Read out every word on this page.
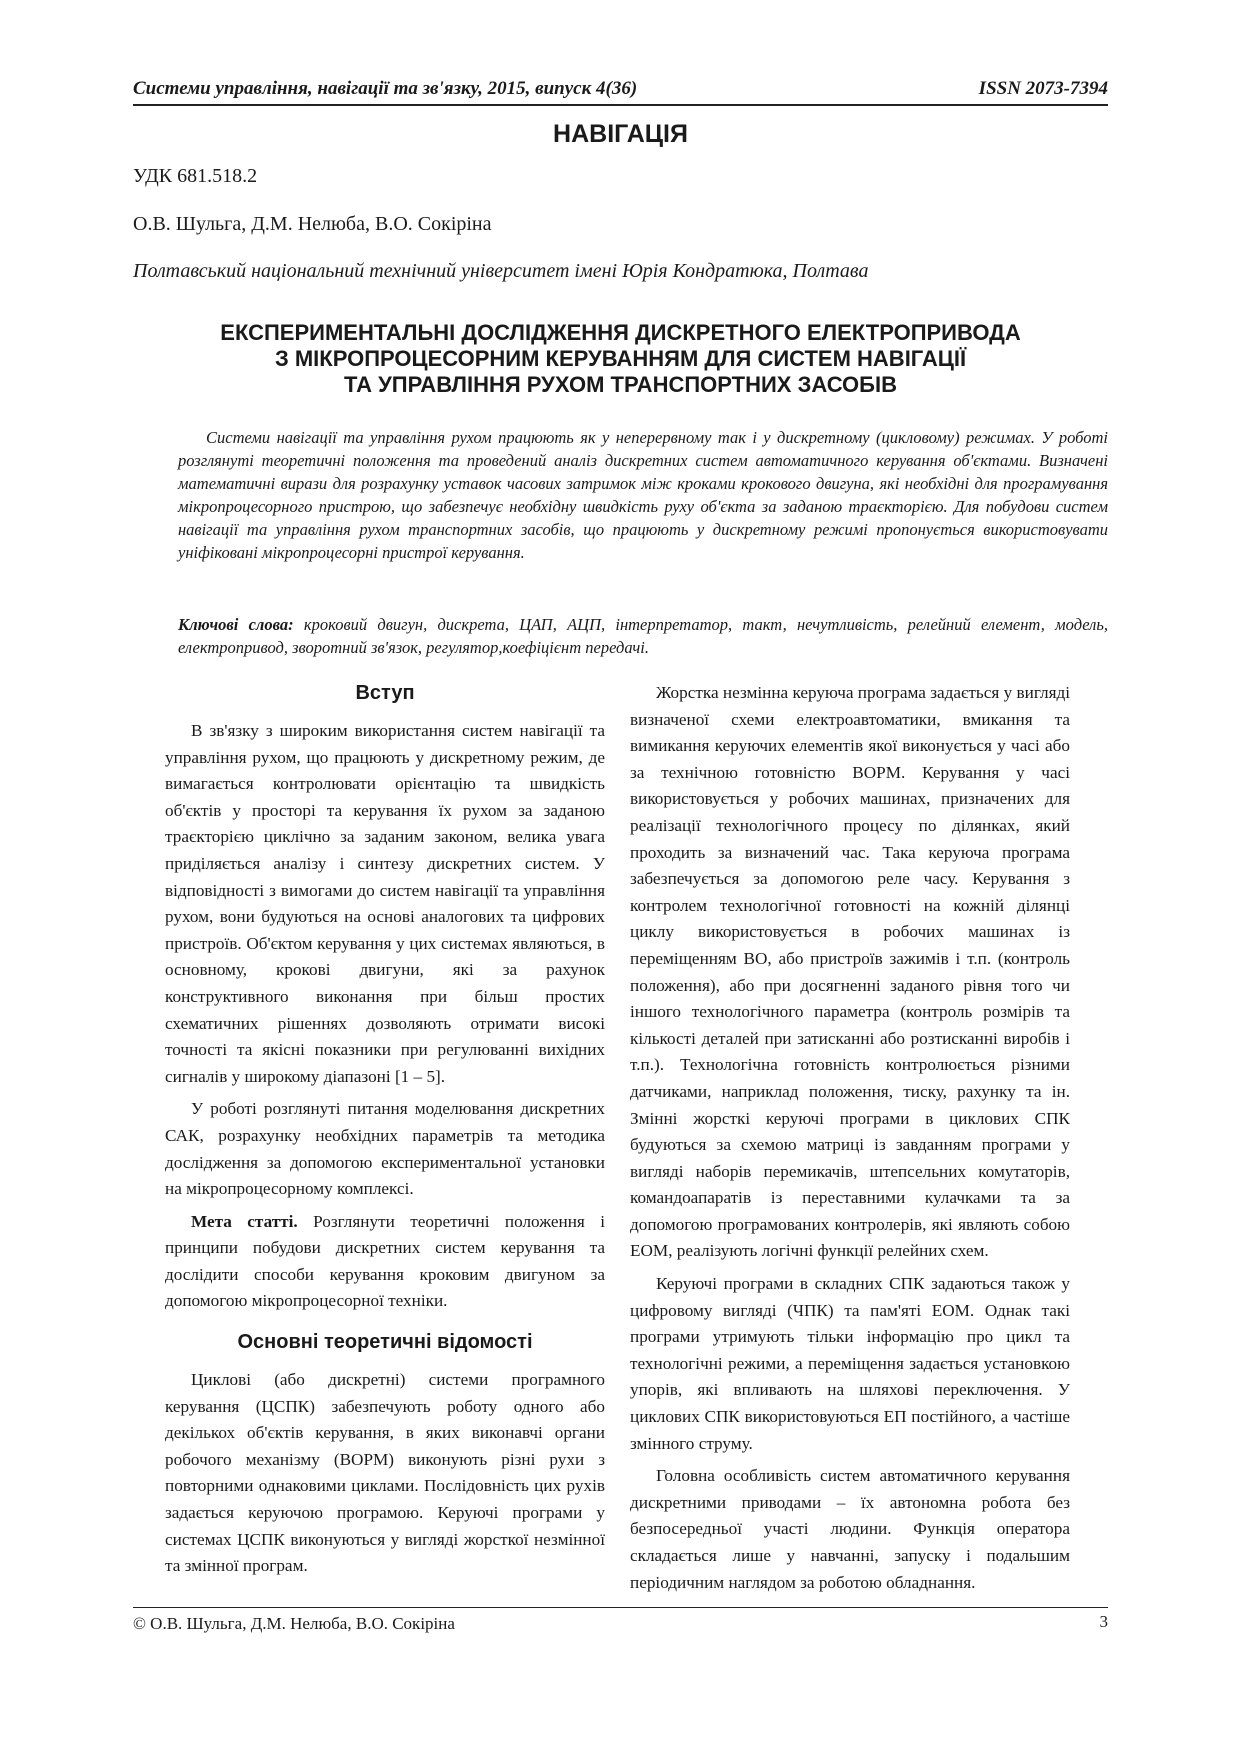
Системи управління, навігації та зв'язку, 2015, випуск 4(36)	ISSN 2073-7394
НАВІГАЦІЯ
УДК 681.518.2
О.В. Шульга, Д.М. Нелюба, В.О. Сокіріна
Полтавський національний технічний університет імені Юрія Кондратюка, Полтава
ЕКСПЕРИМЕНТАЛЬНІ ДОСЛІДЖЕННЯ ДИСКРЕТНОГО ЕЛЕКТРОПРИВОДА
З МІКРОПРОЦЕСОРНИМ КЕРУВАННЯМ ДЛЯ СИСТЕМ НАВІГАЦІЇ
ТА УПРАВЛІННЯ РУХОМ ТРАНСПОРТНИХ ЗАСОБІВ
Системи навігації та управління рухом працюють як у неперервному так і у дискретному (цикловому) режимах. У роботі розглянуті теоретичні положення та проведений аналіз дискретних систем автоматичного керування об'єктами. Визначені математичні вирази для розрахунку уставок часових затримок між кроками крокового двигуна, які необхідні для програмування мікропроцесорного пристрою, що забезпечує необхідну швидкість руху об'єкта за заданою траєкторією. Для побудови систем навігації та управління рухом транспортних засобів, що працюють у дискретному режимі пропонується використовувати уніфіковані мікропроцесорні пристрої керування.
Ключові слова: кроковий двигун, дискрета, ЦАП, АЦП, інтерпретатор, такт, нечутливість, релейний елемент, модель, електропривод, зворотний зв'язок, регулятор,коефіцієнт передачі.
Вступ

В зв'язку з широким використання систем навігації та управління рухом, що працюють у дискретному режим, де вимагається контролювати орієнтацію та швидкість об'єктів у просторі та керування їх рухом за заданою траєкторією циклічно за заданим законом, велика увага приділяється аналізу і синтезу дискретних систем. У відповідності з вимогами до систем навігації та управління рухом, вони будуються на основі аналогових та цифрових пристроїв. Об'єктом керування у цих системах являються, в основному, крокові двигуни, які за рахунок конструктивного виконання при більш простих схематичних рішеннях дозволяють отримати високі точності та якісні показники при регулюванні вихідних сигналів у широкому діапазоні [1 – 5].

У роботі розглянуті питання моделювання дискретних САК, розрахунку необхідних параметрів та методика дослідження за допомогою експериментальної установки на мікропроцесорному комплексі.

Мета статті. Розглянути теоретичні положення і принципи побудови дискретних систем керування та дослідити способи керування кроковим двигуном за допомогою мікропроцесорної техніки.

Основні теоретичні відомості

Циклові (або дискретні) системи програмного керування (ЦСПК) забезпечують роботу одного або декількох об'єктів керування, в яких виконавчі органи робочого механізму (ВОРМ) виконують різні рухи з повторними однаковими циклами. Послідовність цих рухів задається керуючою програмою. Керуючі програми у системах ЦСПК виконуються у вигляді жорсткої незмінної та змінної програм.

Жорстка незмінна керуюча програма задається у вигляді визначеної схеми електроавтоматики, вмикання та вимикання керуючих елементів якої виконується у часі або за технічною готовністю ВОРМ. Керування у часі використовується у робочих машинах, призначених для реалізації технологічного процесу по ділянках, який проходить за визначений час. Така керуюча програма забезпечується за допомогою реле часу. Керування з контролем технологічної готовності на кожній ділянці циклу використовується в робочих машинах із переміщенням ВО, або пристроїв зажимів і т.п. (контроль положення), або при досягненні заданого рівня того чи іншого технологічного параметра (контроль розмірів та кількості деталей при затисканні або розтисканні виробів і т.п.). Технологічна готовність контролюється різними датчиками, наприклад положення, тиску, рахунку та ін. Змінні жорсткі керуючі програми в циклових СПК будуються за схемою матриці із завданням програми у вигляді наборів перемикачів, штепсельних комутаторів, командоапаратів із переставними кулачками та за допомогою програмованих контролерів, які являють собою ЕОМ, реалізують логічні функції релейних схем.

Керуючі програми в складних СПК задаються також у цифровому вигляді (ЧПК) та пам'яті ЕОМ. Однак такі програми утримують тільки інформацію про цикл та технологічні режими, а переміщення задається установкою упорів, які впливають на шляхові переключення. У циклових СПК використовуються ЕП постійного, а частіше змінного струму.

Головна особливість систем автоматичного керування дискретними приводами – їх автономна робота без безпосередньої участі людини. Функція оператора складається лише у навчанні, запуску і подальшим періодичним наглядом за роботою обладнання.

© О.В. Шульга, Д.М. Нелюба, В.О. Сокіріна	3
